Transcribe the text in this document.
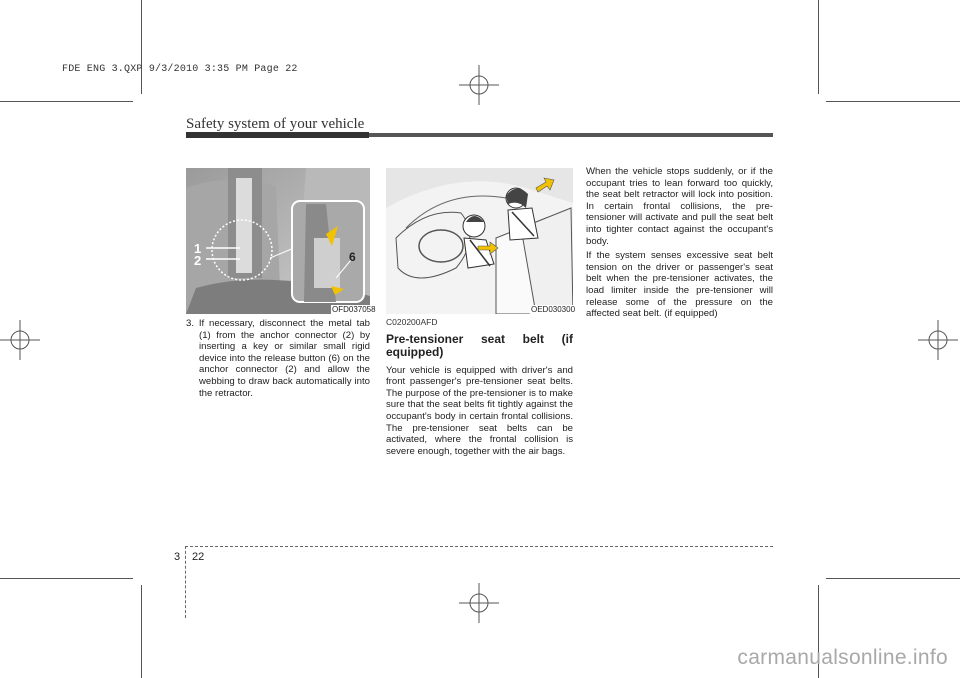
FDE ENG 3.QXP 9/3/2010 3:35 PM Page 22
Safety system of your vehicle
1
2	6
OFD037058	OED030300

3. If necessary, disconnect the metal tab (1) from the anchor connector (2) by inserting a key or similar small rigid device into the release button (6) on the anchor connector (2) and allow the webbing to draw back automatically into the retractor.

C020200AFD
Pre-tensioner seat belt (if equipped)

Your vehicle is equipped with driver's and front passenger's pre-tensioner seat belts. The purpose of the pre-tensioner is to make sure that the seat belts fit tightly against the occupant's body in certain frontal collisions. The pre-tensioner seat belts can be activated, where the frontal collision is severe enough, together with the air bags.

When the vehicle stops suddenly, or if the occupant tries to lean forward too quickly, the seat belt retractor will lock into position. In certain frontal collisions, the pre-tensioner will activate and pull the seat belt into tighter contact against the occupant's body.

If the system senses excessive seat belt tension on the driver or passenger's seat belt when the pre-tensioner activates, the load limiter inside the pre-tensioner will release some of the pressure on the affected seat belt. (if equipped)

3 22
carmanualsonline.info
